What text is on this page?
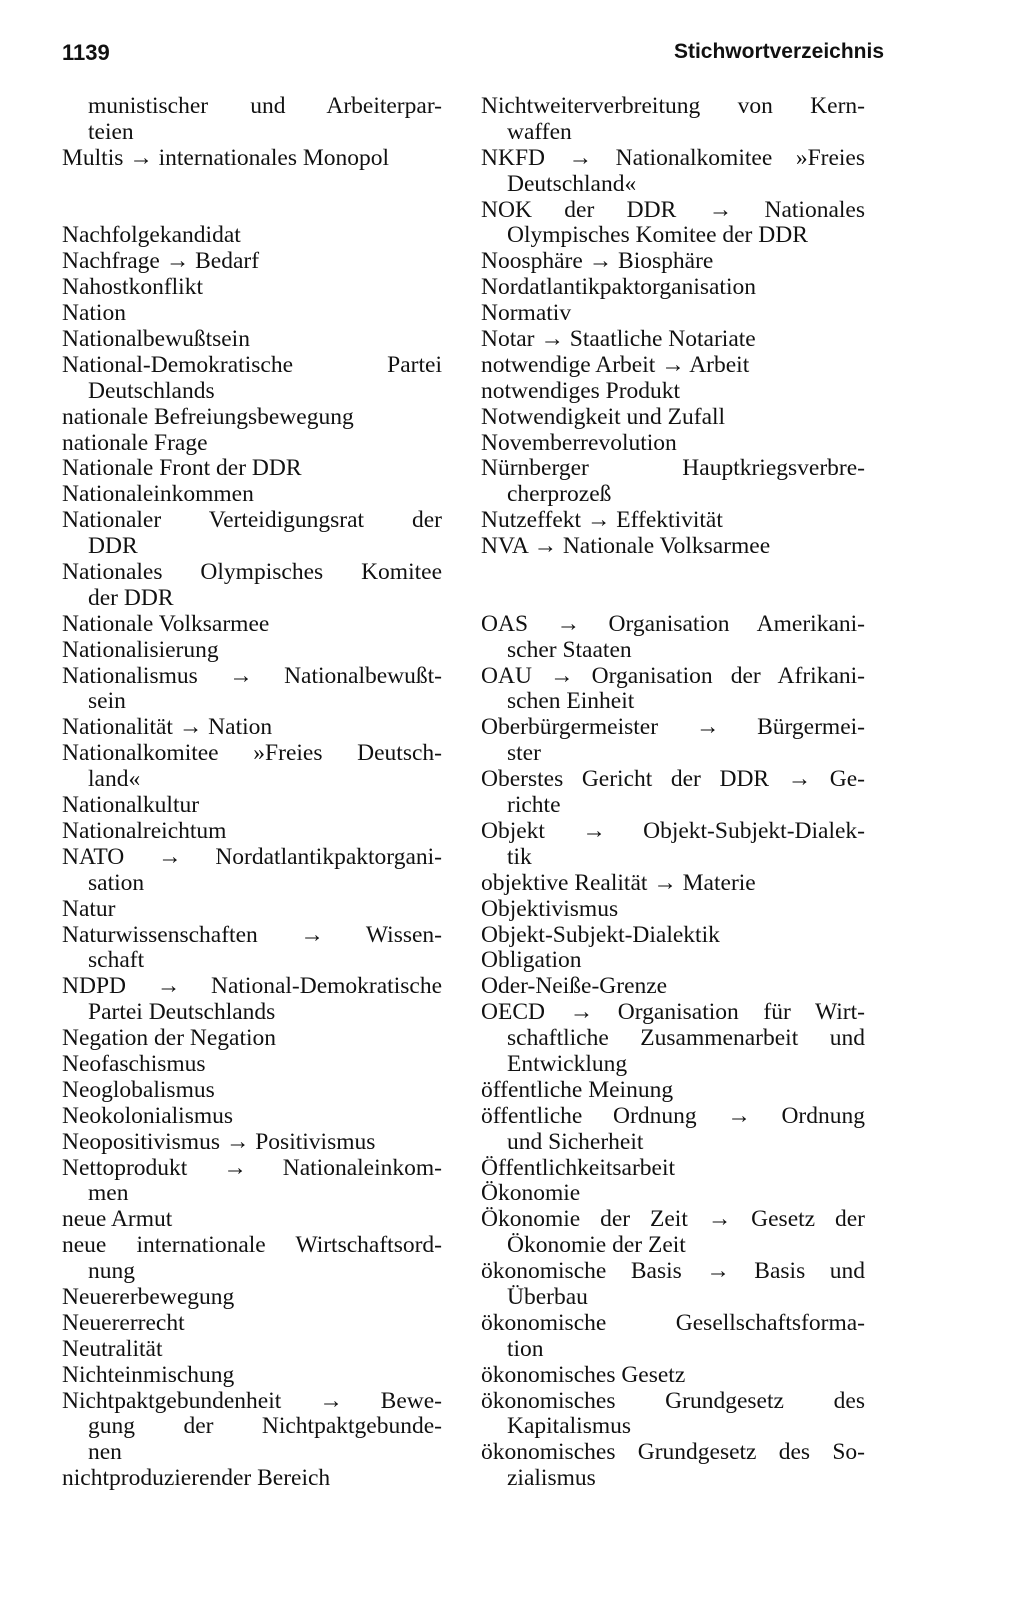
1139	Stichwortverzeichnis
munistischer und Arbeiterpar-
teien
Multis → internationales Monopol
Nachfolgekandidat
Nachfrage → Bedarf
Nahostkonflikt
Nation
Nationalbewußtsein
National-Demokratische Partei
Deutschlands
nationale Befreiungsbewegung
nationale Frage
Nationale Front der DDR
Nationaleinkommen
Nationaler Verteidigungsrat der
DDR
Nationales Olympisches Komitee
der DDR
Nationale Volksarmee
Nationalisierung
Nationalismus → Nationalbewußt-
sein
Nationalität → Nation
Nationalkomitee »Freies Deutsch-
land«
Nationalkultur
Nationalreichtum
NATO → Nordatlantikpaktorgani-
sation
Natur
Naturwissenschaften → Wissen-
schaft
NDPD → National-Demokratische
Partei Deutschlands
Negation der Negation
Neofaschismus
Neoglobalismus
Neokolonialismus
Neopositivismus → Positivismus
Nettoprodukt → Nationaleinkom-
men
neue Armut
neue internationale Wirtschaftsord-
nung
Neuererbewegung
Neuererrecht
Neutralität
Nichteinmischung
Nichtpaktgebundenheit → Bewe-
gung der Nichtpaktgebunde-
nen
nichtproduzierender Bereich
Nichtweiterverbreitung von Kern-
waffen
NKFD → Nationalkomitee »Freies
Deutschland«
NOK der DDR → Nationales
Olympisches Komitee der DDR
Noosphäre → Biosphäre
Nordatlantikpaktorganisation
Normativ
Notar → Staatliche Notariate
notwendige Arbeit → Arbeit
notwendiges Produkt
Notwendigkeit und Zufall
Novemberrevolution
Nürnberger Hauptkriegsverbre-
cherprozeß
Nutzeffekt → Effektivität
NVA → Nationale Volksarmee
OAS → Organisation Amerikani-
scher Staaten
OAU → Organisation der Afrikani-
schen Einheit
Oberbürgermeister → Bürgermei-
ster
Oberstes Gericht der DDR → Ge-
richte
Objekt → Objekt-Subjekt-Dialek-
tik
objektive Realität → Materie
Objektivismus
Objekt-Subjekt-Dialektik
Obligation
Oder-Neiße-Grenze
OECD → Organisation für Wirt-
schaftliche Zusammenarbeit und
Entwicklung
öffentliche Meinung
öffentliche Ordnung → Ordnung
und Sicherheit
Öffentlichkeitsarbeit
Ökonomie
Ökonomie der Zeit → Gesetz der
Ökonomie der Zeit
ökonomische Basis → Basis und
Überbau
ökonomische Gesellschaftsforma-
tion
ökonomisches Gesetz
ökonomisches Grundgesetz des
Kapitalismus
ökonomisches Grundgesetz des So-
zialismus
